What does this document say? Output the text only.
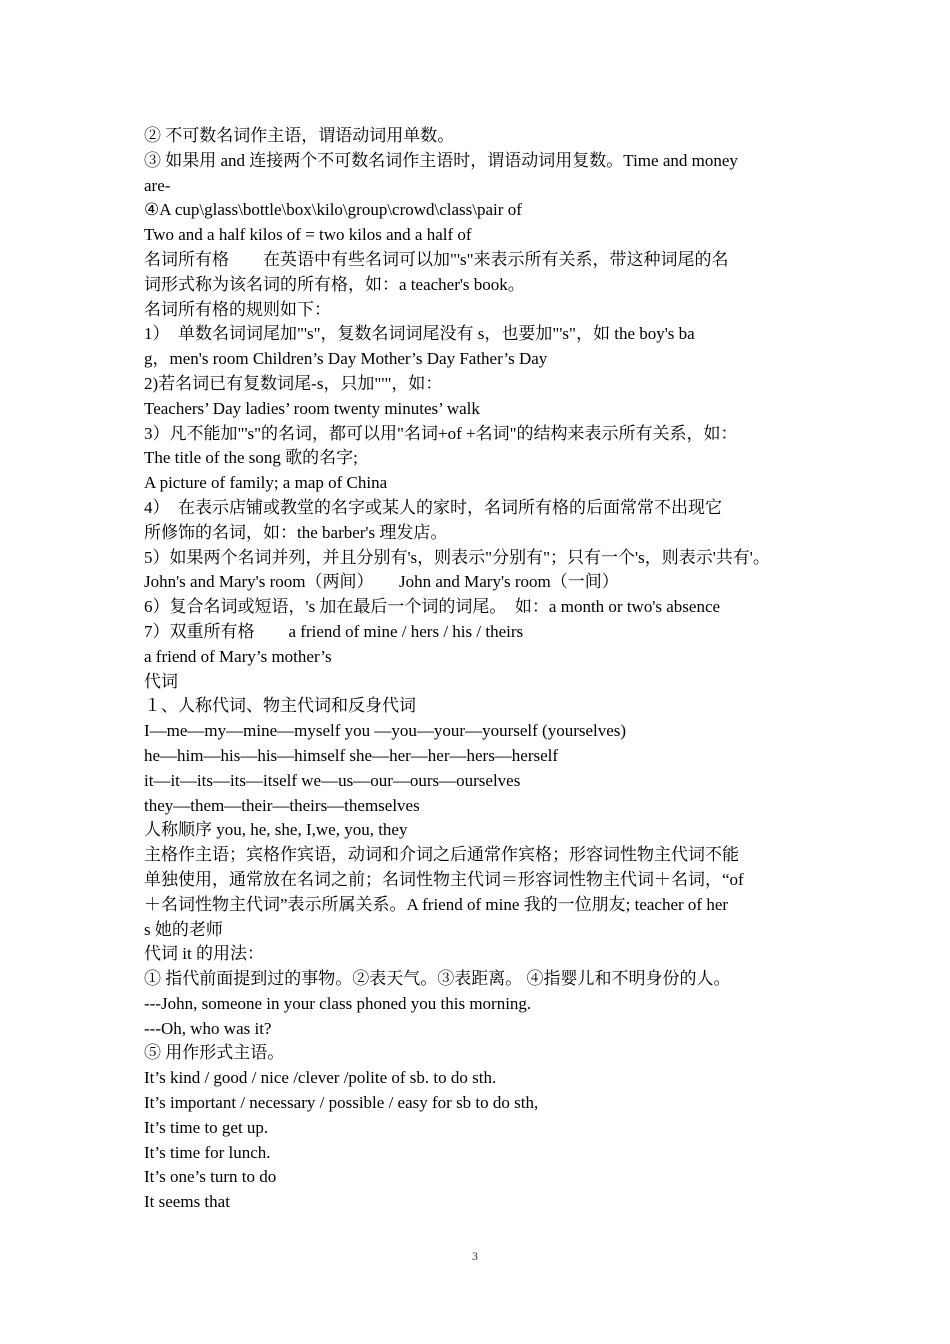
② 不可数名词作主语，谓语动词用单数。
③ 如果用 and 连接两个不可数名词作主语时，谓语动词用复数。Time and money
are-
④A cup\glass\bottle\box\kilo\group\crowd\class\pair of
Two and a half kilos of = two kilos and a half of
名词所有格　　在英语中有些名词可以加"'s"来表示所有关系，带这种词尾的名
词形式称为该名词的所有格，如：a teacher's book。
名词所有格的规则如下：
1）　单数名词词尾加"'s"，复数名词词尾没有 s，也要加"'s"，如 the boy's ba
g，men's room Children’s Day Mother’s Day Father’s Day
2)若名词已有复数词尾-s，只加"'"，如：
Teachers’ Day ladies’ room twenty minutes’ walk
3）凡不能加"'s"的名词，都可以用"名词+of +名词"的结构来表示所有关系，如：
The title of the song 歌的名字;
A picture of family; a map of China
4）　在表示店铺或教堂的名字或某人的家时，名词所有格的后面常常不出现它
所修饰的名词，如：the barber's 理发店。
5）如果两个名词并列，并且分别有's，则表示"分别有"；只有一个's，则表示'共有'。
John's and Mary's room（两间）　　John and Mary's room（一间）
6）复合名词或短语，'s 加在最后一个词的词尾。　如：a month or two's absence
7）双重所有格　　a friend of mine / hers / his / theirs
a friend of Mary’s mother’s
代词
１、人称代词、物主代词和反身代词
I—me—my—mine—myself you —you—your—yourself (yourselves)
he—him—his—his—himself she—her—her—hers—herself
it—it—its—its—itself we—us—our—ours—ourselves
they—them—their—theirs—themselves
人称顺序 you, he, she, I,we, you, they
主格作主语；宾格作宾语，动词和介词之后通常作宾格；形容词性物主代词不能
单独使用，通常放在名词之前；名词性物主代词＝形容词性物主代词＋名词，“of
＋名词性物主代词”表示所属关系。A friend of mine 我的一位朋友; teacher of her
s 她的老师
代词 it 的用法：
① 指代前面提到过的事物。②表天气。③表距离。 ④指婴儿和不明身份的人。
---John, someone in your class phoned you this morning.
---Oh, who was it?
⑤ 用作形式主语。
It’s kind / good / nice /clever /polite of sb. to do sth.
It’s important / necessary / possible / easy for sb to do sth,
It’s time to get up.
It’s time for lunch.
It’s one’s turn to do
It seems that
3
